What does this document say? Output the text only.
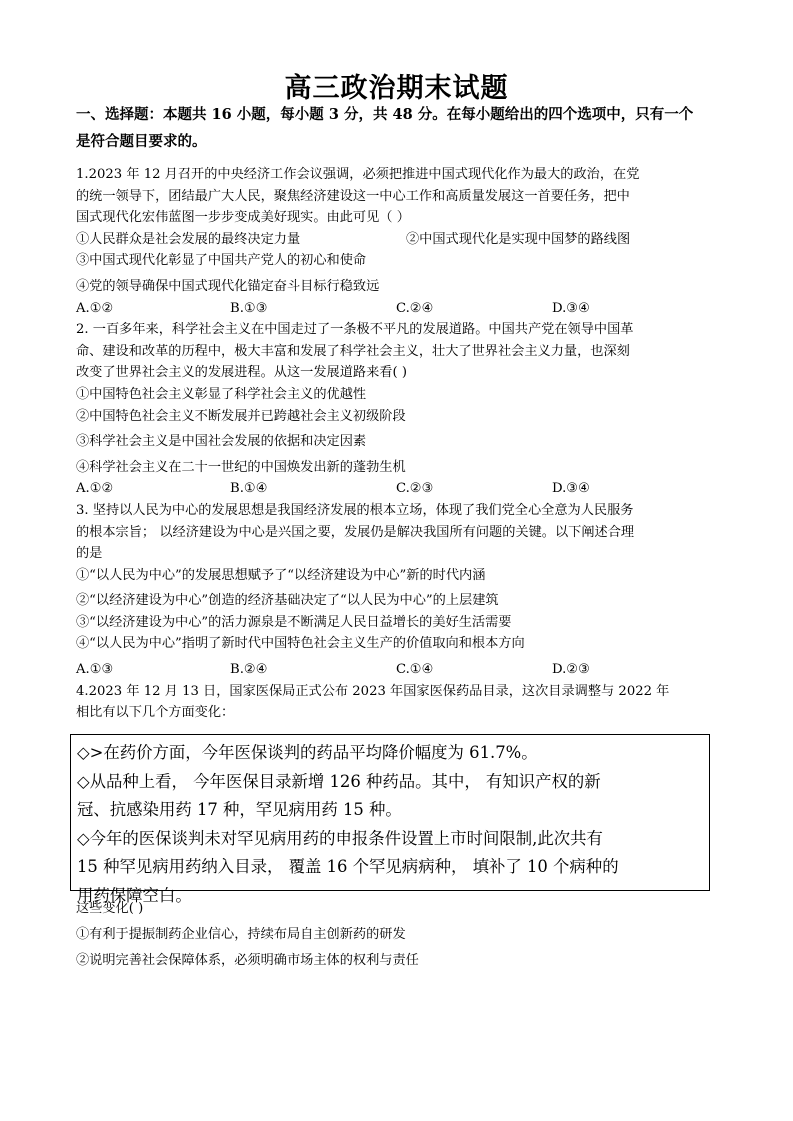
高三政治期末试题
一、选择题：本题共 16 小题，每小题 3 分，共 48 分。在每小题给出的四个选项中，只有一个
是符合题目要求的。

1.2023 年 12 月召开的中央经济工作会议强调，必须把推进中国式现代化作为最大的政治，在党

的统一领导下，团结最广大人民，聚焦经济建设这一中心工作和高质量发展这一首要任务，把中

国式现代化宏伟蓝图一步步变成美好现实。由此可见（ ）

①人民群众是社会发展的最终决定力量	②中国式现代化是实现中国梦的路线图

③中国式现代化彰显了中国共产党人的初心和使命

④党的领导确保中国式现代化锚定奋斗目标行稳致远

A.①②	B.①③	C.②④	D.③④

2. 一百多年来，科学社会主义在中国走过了一条极不平凡的发展道路。中国共产党在领导中国革

命、建设和改革的历程中，极大丰富和发展了科学社会主义，壮大了世界社会主义力量，也深刻

改变了世界社会主义的发展进程。从这一发展道路来看( )

①中国特色社会主义彰显了科学社会主义的优越性

②中国特色社会主义不断发展并已跨越社会主义初级阶段

③科学社会主义是中国社会发展的依据和决定因素

④科学社会主义在二十一世纪的中国焕发出新的蓬勃生机

A.①②	B.①④	C.②③	D.③④

3. 坚持以人民为中心的发展思想是我国经济发展的根本立场，体现了我们党全心全意为人民服务

的根本宗旨； 以经济建设为中心是兴国之要，发展仍是解决我国所有问题的关键。以下阐述合理

的是

①“以人民为中心”的发展思想赋予了“以经济建设为中心”新的时代内涵

②“以经济建设为中心”创造的经济基础决定了“以人民为中心”的上层建筑

③“以经济建设为中心”的活力源泉是不断满足人民日益增长的美好生活需要

④“以人民为中心”指明了新时代中国特色社会主义生产的价值取向和根本方向

A.①③	B.②④	C.①④	D.②③

4.2023 年 12 月 13 日，国家医保局正式公布 2023 年国家医保药品目录，这次目录调整与 2022 年

相比有以下几个方面变化：

◇>在药价方面，今年医保谈判的药品平均降价幅度为 61.7%。

◇从品种上看， 今年医保目录新增 126 种药品。其中， 有知识产权的新

冠、抗感染用药 17 种，罕见病用药 15 种。

◇今年的医保谈判未对罕见病用药的申报条件设置上市时间限制,此次共有

15 种罕见病用药纳入目录， 覆盖 16 个罕见病病种， 填补了 10 个病种的

用药保障空白。

这些变化( )

①有利于提振制药企业信心，持续布局自主创新药的研发

②说明完善社会保障体系，必须明确市场主体的权利与责任
